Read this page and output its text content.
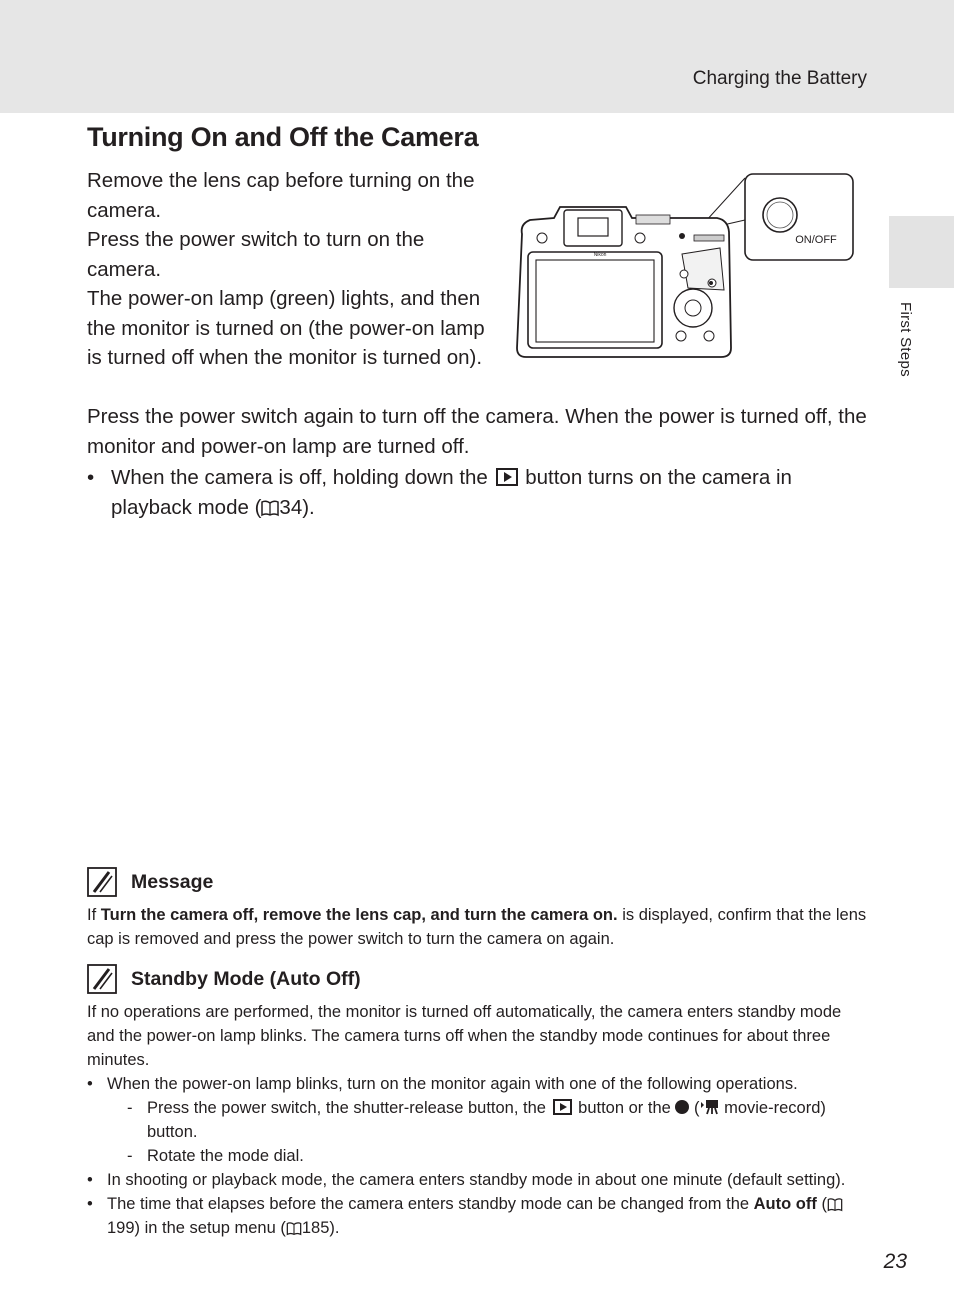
Charging the Battery
First Steps
Turning On and Off the Camera

Remove the lens cap before turning on the camera.

Press the power switch to turn on the camera.

The power-on lamp (green) lights, and then the monitor is turned on (the power-on lamp is turned off when the monitor is turned on).

ON/OFF
Nikon

Press the power switch again to turn off the camera. When the power is turned off, the monitor and power-on lamp are turned off.

• When the camera is off, holding down the button turns on the camera in playback mode ( 34).
Message

If Turn the camera off, remove the lens cap, and turn the camera on. is displayed, confirm that the lens cap is removed and press the power switch to turn the camera on again.

Standby Mode (Auto Off)

If no operations are performed, the monitor is turned off automatically, the camera enters standby mode and the power-on lamp blinks. The camera turns off when the standby mode continues for about three minutes.

• When the power-on lamp blinks, turn on the monitor again with one of the following operations.
- Press the power switch, the shutter-release button, the button or the ( movie-record) button.
- Rotate the mode dial.
• In shooting or playback mode, the camera enters standby mode in about one minute (default setting).
• The time that elapses before the camera enters standby mode can be changed from the Auto off (199) in the setup menu ( 185).
23
